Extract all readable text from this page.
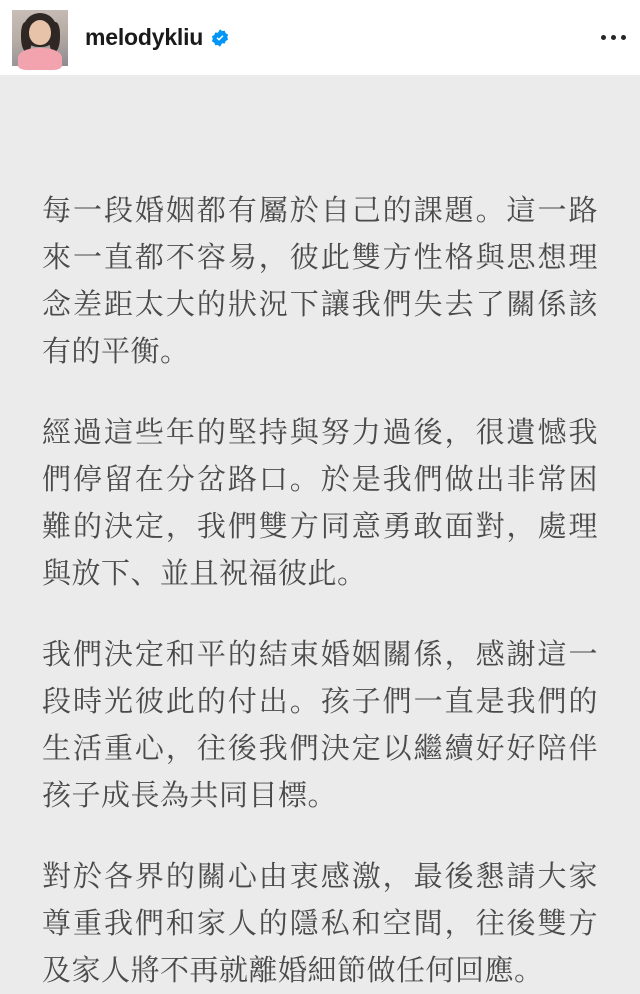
melodykliu

每一段婚姻都有屬於自己的課題。這一路來一直都不容易，彼此雙方性格與思想理念差距太大的狀況下讓我們失去了關係該有的平衡。

經過這些年的堅持與努力過後，很遺憾我們停留在分岔路口。於是我們做出非常困難的決定，我們雙方同意勇敢面對，處理與放下、並且祝福彼此。

我們決定和平的結束婚姻關係，感謝這一段時光彼此的付出。孩子們一直是我們的生活重心，往後我們決定以繼續好好陪伴孩子成長為共同目標。

對於各界的關心由衷感激，最後懇請大家尊重我們和家人的隱私和空間，往後雙方及家人將不再就離婚細節做任何回應。
